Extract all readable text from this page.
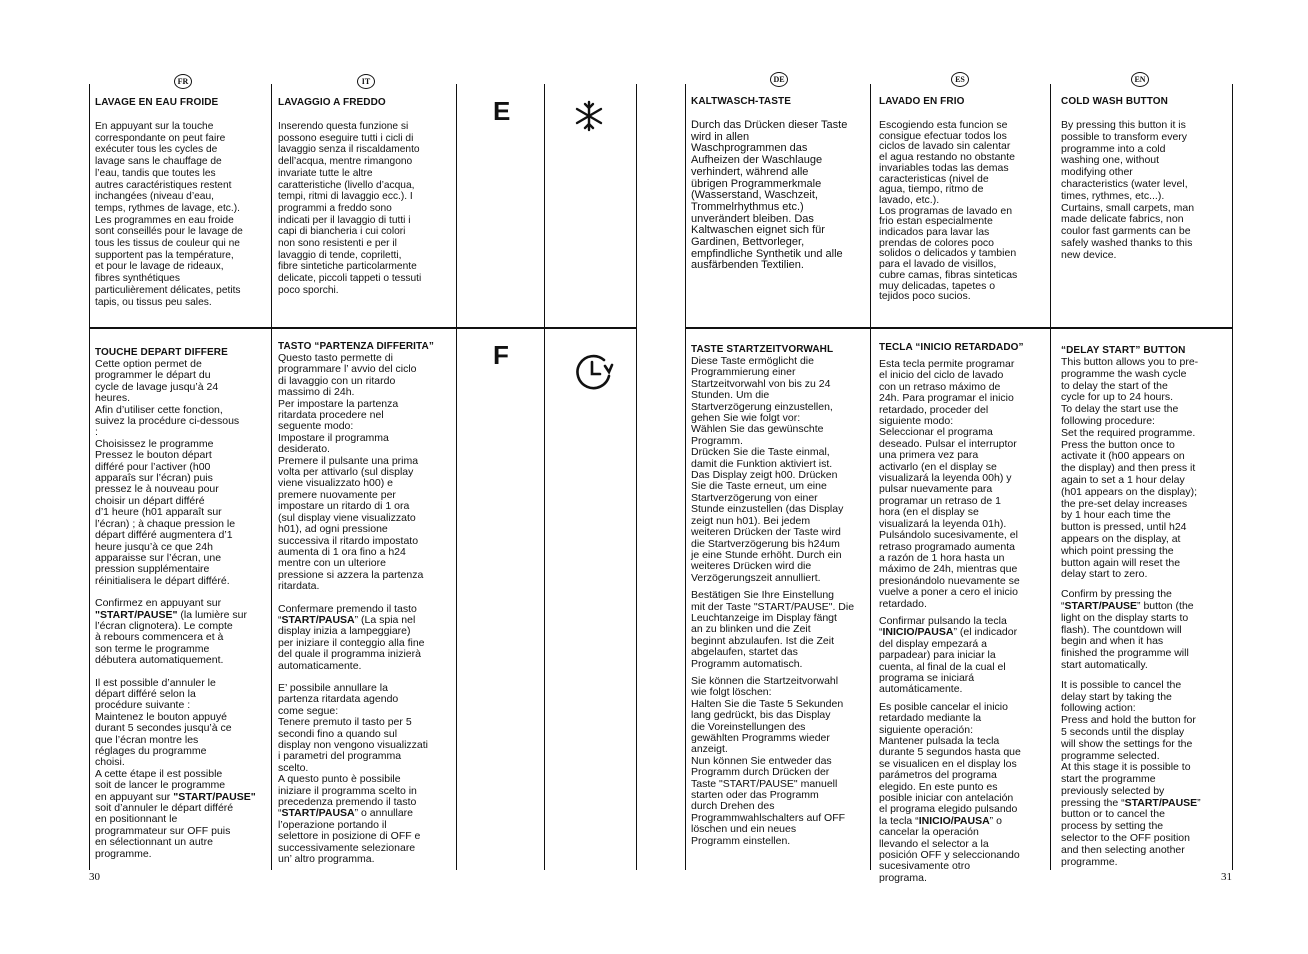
FR	IT	DE	ES	EN
E
F
LAVAGE EN EAU FROIDE

En appuyant sur la touche
correspondante on peut faire
exécuter tous les cycles de
lavage sans le chauffage de
l’eau, tandis que toutes les
autres caractéristiques restent
inchangées (niveau d’eau,
temps, rythmes de lavage, etc.).
Les programmes en eau froide
sont conseillés pour le lavage de
tous les tissus de couleur qui ne
supportent pas la température,
et pour le lavage de rideaux,
fibres synthétiques
particulièrement délicates, petits
tapis, ou tissus peu sales.

TOUCHE DEPART DIFFERE

Cette option permet de
programmer le départ du
cycle de lavage jusqu’à 24
heures.
Afin d’utiliser cette fonction,
suivez la procédure ci-dessous
:
Choisissez le programme
Pressez le bouton départ
différé pour l’activer (h00
apparaîs sur l’écran) puis
pressez le à nouveau pour
choisir un départ différé
d’1 heure (h01 apparaît sur
l’écran) ; à chaque pression le
départ différé augmentera d’1
heure jusqu’à ce que 24h
apparaisse sur l’écran, une
pression supplémentaire
réinitialisera le départ différé.

Confirmez en appuyant sur
"START/PAUSE" (la lumière sur
l’écran clignotera). Le compte
à rebours commencera et à
son terme le programme
débutera automatiquement.

Il est possible d’annuler le
départ différé selon la
procédure suivante :
Maintenez le bouton appuyé
durant 5 secondes jusqu’à ce
que l’écran montre les
réglages du programme
choisi.
A cette étape il est possible
soit de lancer le programme
en appuyant sur "START/PAUSE"
soit d’annuler le départ différé
en positionnant le
programmateur sur OFF puis
en sélectionnant un autre
programme.

LAVAGGIO A FREDDO

Inserendo questa funzione si
possono eseguire tutti i cicli di
lavaggio senza il riscaldamento
dell’acqua, mentre rimangono
invariate tutte le altre
caratteristiche (livello d’acqua,
tempi, ritmi di lavaggio ecc.). I
programmi a freddo sono
indicati per il lavaggio di tutti i
capi di biancheria i cui colori
non sono resistenti e per il
lavaggio di tende, copriletti,
fibre sintetiche particolarmente
delicate, piccoli tappeti o tessuti
poco sporchi.

TASTO “PARTENZA DIFFERITA”

Questo tasto permette di
programmare l’ avvio del ciclo
di lavaggio con un ritardo
massimo di 24h.
Per impostare la partenza
ritardata procedere nel
seguente modo:
Impostare il programma
desiderato.
Premere il pulsante una prima
volta per attivarlo (sul display
viene visualizzato h00) e
premere nuovamente per
impostare un ritardo di 1 ora
(sul display viene visualizzato
h01), ad ogni pressione
successiva il ritardo impostato
aumenta di 1 ora fino a h24
mentre con un ulteriore
pressione si azzera la partenza
ritardata.

Confermare premendo il tasto
“START/PAUSA” (La spia nel
display inizia a lampeggiare)
per iniziare il conteggio alla fine
del quale il programma inizierà
automaticamente.

E’ possibile annullare la
partenza ritardata agendo
come segue:
Tenere premuto il tasto per 5
secondi fino a quando sul
display non vengono visualizzati
i parametri del programma
scelto.
A questo punto è possibile
iniziare il programma scelto in
precedenza premendo il tasto
“START/PAUSA” o annullare
l’operazione portando il
selettore in posizione di OFF e
successivamente selezionare
un’ altro programma.

KALTWASCH-TASTE

Durch das Drücken dieser Taste
wird in allen
Waschprogrammen das
Aufheizen der Waschlauge
verhindert, während alle
übrigen Programmerkmale
(Wasserstand, Waschzeit,
Trommelrhythmus etc.)
unverändert bleiben. Das
Kaltwaschen eignet sich für
Gardinen, Bettvorleger,
empfindliche Synthetik und alle
ausfärbenden Textilien.

TASTE STARTZEITVORWAHL

Diese Taste ermöglicht die
Programmierung einer
Startzeitvorwahl von bis zu 24
Stunden. Um die
Startverzögerung einzustellen,
gehen Sie wie folgt vor:
Wählen Sie das gewünschte
Programm.
Drücken Sie die Taste einmal,
damit die Funktion aktiviert ist.
Das Display zeigt h00. Drücken
Sie die Taste erneut, um eine
Startverzögerung von einer
Stunde einzustellen (das Display
zeigt nun h01). Bei jedem
weiteren Drücken der Taste wird
die Startverzögerung bis h24um
je eine Stunde erhöht. Durch ein
weiteres Drücken wird die
Verzögerungszeit annulliert.

Bestätigen Sie Ihre Einstellung
mit der Taste "START/PAUSE". Die
Leuchtanzeige im Display fängt
an zu blinken und die Zeit
beginnt abzulaufen. Ist die Zeit
abgelaufen, startet das
Programm automatisch.

Sie können die Startzeitvorwahl
wie folgt löschen:
Halten Sie die Taste 5 Sekunden
lang gedrückt, bis das Display
die Voreinstellungen des
gewählten Programms wieder
anzeigt.
Nun können Sie entweder das
Programm durch Drücken der
Taste "START/PAUSE" manuell
starten oder das Programm
durch Drehen des
Programmwahlschalters auf OFF
löschen und ein neues
Programm einstellen.

LAVADO EN FRIO

Escogiendo esta funcion se
consigue efectuar todos los
ciclos de lavado sin calentar
el agua restando no obstante
invariables todas las demas
caracteristicas (nivel de
agua, tiempo, ritmo de
lavado, etc.).
Los programas de lavado en
frio estan especialmente
indicados para lavar las
prendas de colores poco
solidos o delicados y tambien
para el lavado de visillos,
cubre camas, fibras sinteticas
muy delicadas, tapetes o
tejidos poco sucios.

TECLA “INICIO RETARDADO”

Esta tecla permite programar
el inicio del ciclo de lavado
con un retraso máximo de
24h. Para programar el inicio
retardado, proceder del
siguiente modo:
Seleccionar el programa
deseado. Pulsar el interruptor
una primera vez para
activarlo (en el display se
visualizará la leyenda 00h) y
pulsar nuevamente para
programar un retraso de 1
hora (en el display se
visualizará la leyenda 01h).
Pulsándolo sucesivamente, el
retraso programado aumenta
a razón de 1 hora hasta un
máximo de 24h, mientras que
presionándolo nuevamente se
vuelve a poner a cero el inicio
retardado.

Confirmar pulsando la tecla
“INICIO/PAUSA” (el indicador
del display empezará a
parpadear) para iniciar la
cuenta, al final de la cual el
programa se iniciará
automáticamente.

Es posible cancelar el inicio
retardado mediante la
siguiente operación:
Mantener pulsada la tecla
durante 5 segundos hasta que
se visualicen en el display los
parámetros del programa
elegido. En este punto es
posible iniciar con antelación
el programa elegido pulsando
la tecla “INICIO/PAUSA” o
cancelar la operación
llevando el selector a la
posición OFF y seleccionando
sucesivamente otro
programa.

COLD WASH BUTTON

By pressing this button it is
possible to transform every
programme into a cold
washing one, without
modifying other
characteristics (water level,
times, rythmes, etc...).
Curtains, small carpets, man
made delicate fabrics, non
coulor fast garments can be
safely washed thanks to this
new device.

“DELAY START” BUTTON

This button allows you to pre-
programme the wash cycle
to delay the start of the
cycle for up to 24 hours.
To delay the start use the
following procedure:
Set the required programme.
Press the button once to
activate it (h00 appears on
the display) and then press it
again to set a 1 hour delay
(h01 appears on the display);
the pre-set delay increases
by 1 hour each time the
button is pressed, until h24
appears on the display, at
which point pressing the
button again will reset the
delay start to zero.

Confirm by pressing the
“START/PAUSE” button (the
light on the display starts to
flash). The countdown will
begin and when it has
finished the programme will
start automatically.

It is possible to cancel the
delay start by taking the
following action:
Press and hold the button for
5 seconds until the display
will show the settings for the
programme selected.
At this stage it is possible to
start the programme
previously selected by
pressing the “START/PAUSE”
button or to cancel the
process by setting the
selector to the OFF position
and then selecting another
programme.

30	31
